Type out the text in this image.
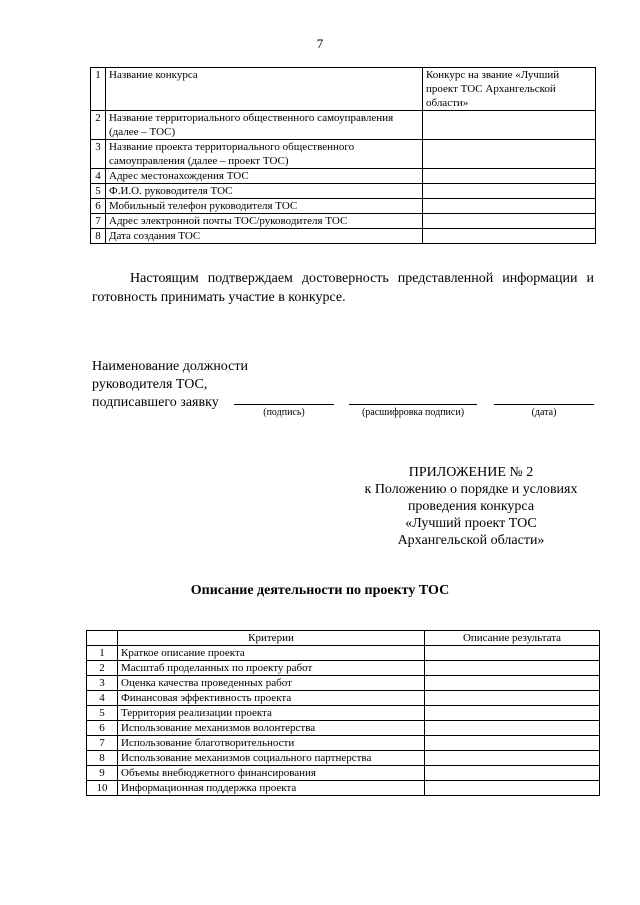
7
1	Название конкурса	Конкурс на звание «Лучший проект ТОС Архангельской области»
2	Название территориального общественного самоуправления (далее – ТОС)	
3	Название проекта территориального общественного самоуправления (далее – проект ТОС)	
4	Адрес местонахождения ТОС	
5	Ф.И.О. руководителя ТОС	
6	Мобильный телефон руководителя ТОС	
7	Адрес электронной почты ТОС/руководителя ТОС	
8	Дата создания ТОС	
Настоящим подтверждаем достоверность представленной информации и готовность принимать участие в конкурсе.
Наименование должности
руководителя ТОС,
подписавшего заявку
(подпись)	(расшифровка подписи)	(дата)
ПРИЛОЖЕНИЕ № 2
к Положению о порядке и условиях
проведения конкурса
«Лучший проект ТОС
Архангельской области»
Описание деятельности по проекту ТОС
	Критерии	Описание результата
1	Краткое описание проекта	
2	Масштаб проделанных по проекту работ	
3	Оценка качества проведенных работ	
4	Финансовая эффективность проекта	
5	Территория реализации проекта	
6	Использование механизмов волонтерства	
7	Использование благотворительности	
8	Использование механизмов социального партнерства	
9	Объемы внебюджетного финансирования	
10	Информационная поддержка проекта	
